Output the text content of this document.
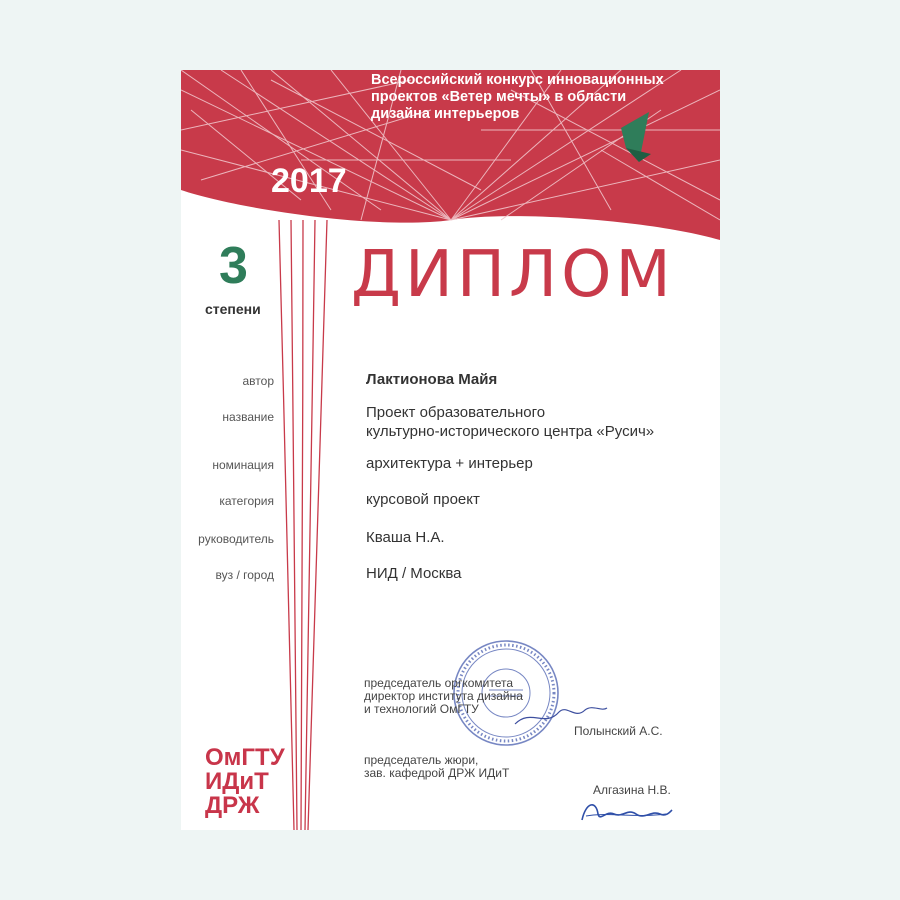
Всероссийский конкурс инновационных
проектов «Ветер мечты» в области
дизайна интерьеров
2017
3
степени ДИПЛОМ
автор	Лактионова Майя
название	Проект образовательного
культурно-исторического центра «Русич»
номинация	архитектура + интерьер
категория	курсовой проект
руководитель	Кваша Н.А.
вуз / город	НИД / Москва
председатель оргкомитета
директор института дизайна
и технологий ОмГТУ
Полынский А.С.
председатель жюри,
зав. кафедрой ДРЖ ИДиТ
Алгазина Н.В.
ОмГТУ
ИДиТ
ДРЖ
